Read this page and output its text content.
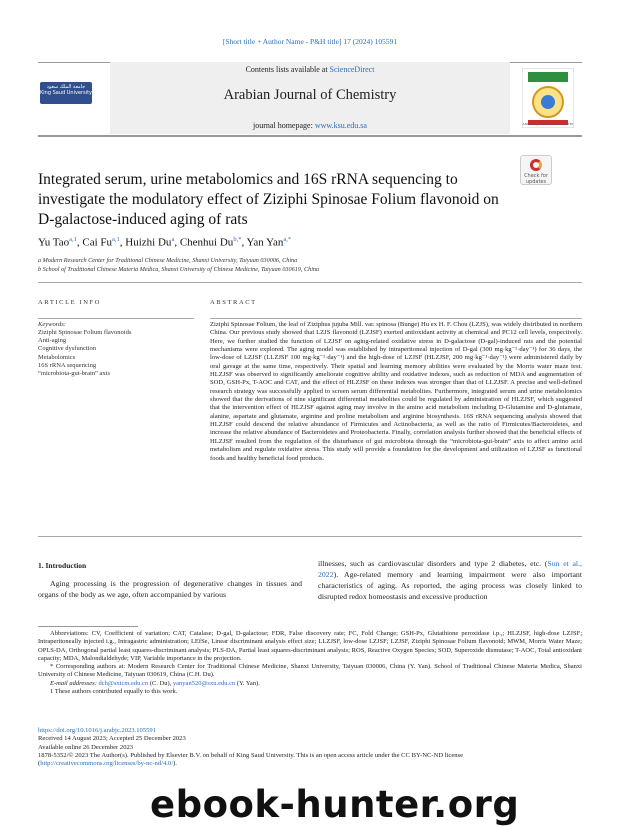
[Short title + Author Name - P&H title] 17 (2024) 105591
جامعة الملك سعود
King Saud University
ARABIAN JOURNAL OF CHEMISTRY
Contents lists available at ScienceDirect
Arabian Journal of Chemistry
journal homepage: www.ksu.edu.sa
Check for updates
Integrated serum, urine metabolomics and 16S rRNA sequencing to investigate the modulatory effect of Ziziphi Spinosae Folium flavonoid on D-galactose-induced aging of rats
Yu Tao$^{a,1}$, Cai Fu$^{a,1}$, Huizhi Du$^a$, Chenhui $Du^{b,*}$, Yan Yan$^{a,*}$
a Modern Research Center for Traditional Chinese Medicine, Shanxi University, Taiyuan 030006, China
b School of Traditional Chinese Materia Medica, Shanxi University of Chinese Medicine, Taiyuan 030619, China
ARTICLE INFO	ABSTRACT
Keywords:
Ziziphi Spinosae Folium flavonoids
Anti-aging
Cognitive dysfunction
Metabolomics
16S rRNA sequencing
“microbiota-gut-brain” axis
Ziziphi Spinosae Folium, the leaf of Ziziphus jujuba Mill. var. spinosa (Bunge) Hu ex H. F. Chou (LZJS), was widely distributed in northern China. Our previous study showed that LZJS flavonoid (LZJSF) exerted antioxidant activity at chemical and PC12 cell levels, respectively. Here, we further studied the function of LZJSF on aging-related oxidative stress in D-galactose (D-gal)-induced rats and the potential mechanisms were explored. The aging model was established by intraperitoneal injection of D-gal (300 mg·kg⁻¹·day⁻¹) for 36 days, the low-dose of LZJSF (LLZJSF 100 mg·kg⁻¹·day⁻¹) and the high-dose of LZJSF (HLZJSF, 200 mg·kg⁻¹·day⁻¹) were administered daily by oral gavage at the same time, respectively. Their spatial and learning memory abilities were evaluated by the Morris water maze test. HLZJSF was observed to significantly ameliorate cognitive ability and oxidative indexes, such as reduction of MDA and augmentation of SOD, GSH-Px, T-AOC and CAT, and the effect of HLZJSF on these indexes was stronger than that of LLZJSF. A precise and well-defined research strategy was successfully applied to screen serum differential metabolites. Furthermore, integrated serum and urine metabolomics showed that the derivations of nine significant differential metabolites could be regulated by administration of HLZJSF, which suggested that the intervention effect of HLZJSF against aging may involve in the amino acid metabolism including D-Glutamine and D-glutamate, alanine, aspartate and glutamate, arginine and proline metabolism and arginine biosynthesis. 16S rRNA sequencing analysis showed that HLZJSF could descend the relative abundance of Firmicutes and Actinobacteria, as well as the ratio of Firmicutes/Bacteroidetes, and increase the relative abundance of Bacteroidetes and Proteobacteria. Finally, correlation analysis further showed that the beneficial effects of HLZJSF resulted from the regulation of the disturbance of gut microbiota through the “microbiota-gut-brain” axis to affect amino acid metabolism and regulate oxidative stress. This study will provide a foundation for the development and utilization of LZJSF as functional foods and healthy beneficial food products.
1. Introduction
Aging processing is the progression of degenerative changes in tissues and organs of the body as we age, often accompanied by various
illnesses, such as cardiovascular disorders and type 2 diabetes, etc. (Sun et al., 2022). Age-related memory and learning impairment were also important characteristics of aging. As reported, the aging process was closely linked to disrupted redox homeostasis and excessive production

Abbreviations: CV, Coefficient of variation; CAT, Catalase; D-gal, D-galactose; FDR, False discovery rate; FC, Fold Change; GSH-Px, Glutathione peroxidase i.p.,; HLZJSF, high-dose LZJSF; Intraperitoneally injected i.g., Intragastric administration; LEfSe, Linear discriminant analysis effect size; LLZJSF, low-dose LZJSF; LZJSF, Ziziphi Spinosae Folium flavonoid; MWM, Morris Water Maze; OPLS-DA, Orthogonal partial least squares-discriminant analysis; PLS-DA, Partial least squares-discriminant analysis; ROS, Reactive Oxygen Species; SOD, Superoxide dismutase; T-AOC, Total antioxidant capacity; MDA, Malondialdehyde; VIP, Variable importance in the projection.

* Corresponding authors at: Modern Research Center for Traditional Chinese Medicine, Shanxi University, Taiyuan 030006, China (Y. Yan). School of Traditional Chinese Materia Medica, Shanxi University of Chinese Medicine, Taiyuan 030619, China (C.H. Du).

E-mail addresses: dch@sxtcm.edu.cn (C. Du), yanyan520@sxu.edu.cn (Y. Yan).

1 These authors contributed equally to this work.

https://doi.org/10.1016/j.arabjc.2023.105591
Received 14 August 2023; Accepted 25 December 2023
Available online 26 December 2023
1878-5352/© 2023 The Author(s). Published by Elsevier B.V. on behalf of King Saud University. This is an open access article under the CC BY-NC-ND license
(http://creativecommons.org/licenses/by-nc-nd/4.0/).
ebook-hunter.org
